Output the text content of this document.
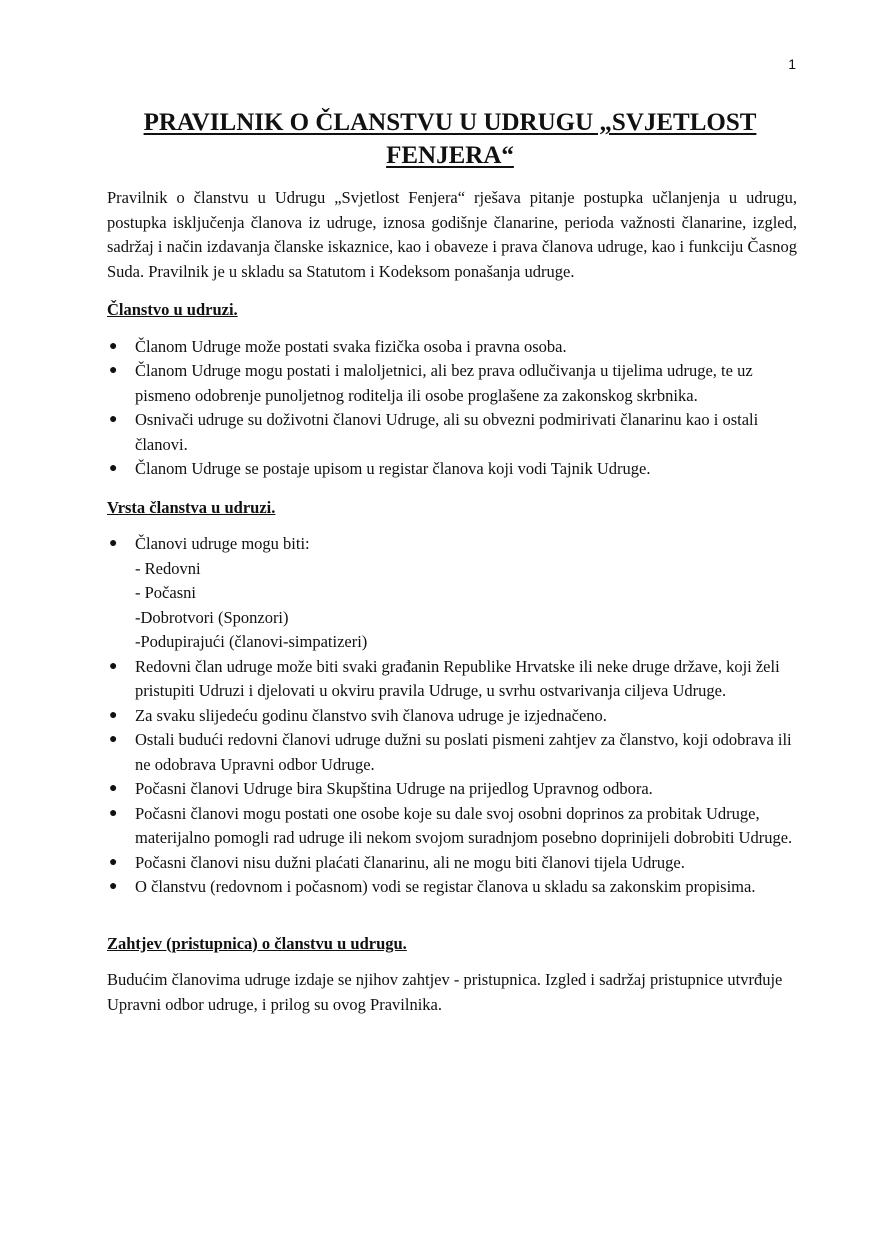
1
PRAVILNIK O ČLANSTVU U UDRUGU „SVJETLOST FENJERA“

Pravilnik o članstvu u Udrugu „Svjetlost Fenjera“ rješava pitanje postupka učlanjenja u udrugu, postupka isključenja članova iz udruge, iznosa godišnje članarine, perioda važnosti članarine, izgled, sadržaj i način izdavanja članske iskaznice, kao i obaveze i prava članova udruge, kao i funkciju Časnog Suda. Pravilnik je u skladu sa Statutom i Kodeksom ponašanja udruge.

Članstvo u udruzi.
● Članom Udruge može postati svaka fizička osoba i pravna osoba.
● Članom Udruge mogu postati i maloljetnici, ali bez prava odlučivanja u tijelima udruge, te uz pismeno odobrenje punoljetnog roditelja ili osobe proglašene za zakonskog skrbnika.
● Osnivači udruge su doživotni članovi Udruge, ali su obvezni podmirivati članarinu kao i ostali članovi.
● Članom Udruge se postaje upisom u registar članova koji vodi Tajnik Udruge.
Vrsta članstva u udruzi.
● Članovi udruge mogu biti:
- Redovni
- Počasni
-Dobrotvori (Sponzori)
-Podupirajući (članovi-simpatizeri)
● Redovni član udruge može biti svaki građanin Republike Hrvatske ili neke druge države, koji želi pristupiti Udruzi i djelovati u okviru pravila Udruge, u svrhu ostvarivanja ciljeva Udruge.
● Za svaku slijedeću godinu članstvo svih članova udruge je izjednačeno.
● Ostali budući redovni članovi udruge dužni su poslati pismeni zahtjev za članstvo, koji odobrava ili ne odobrava Upravni odbor Udruge.
● Počasni članovi Udruge bira Skupština Udruge na prijedlog Upravnog odbora.
● Počasni članovi mogu postati one osobe koje su dale svoj osobni doprinos za probitak Udruge, materijalno pomogli rad udruge ili nekom svojom suradnjom posebno doprinijeli dobrobiti Udruge.
● Počasni članovi nisu dužni plaćati članarinu, ali ne mogu biti članovi tijela Udruge.
● O članstvu (redovnom i počasnom) vodi se registar članova u skladu sa zakonskim propisima.
Zahtjev (pristupnica) o članstvu u udrugu.

Budućim članovima udruge izdaje se njihov zahtjev - pristupnica. Izgled i sadržaj pristupnice utvrđuje Upravni odbor udruge, i prilog su ovog Pravilnika.
